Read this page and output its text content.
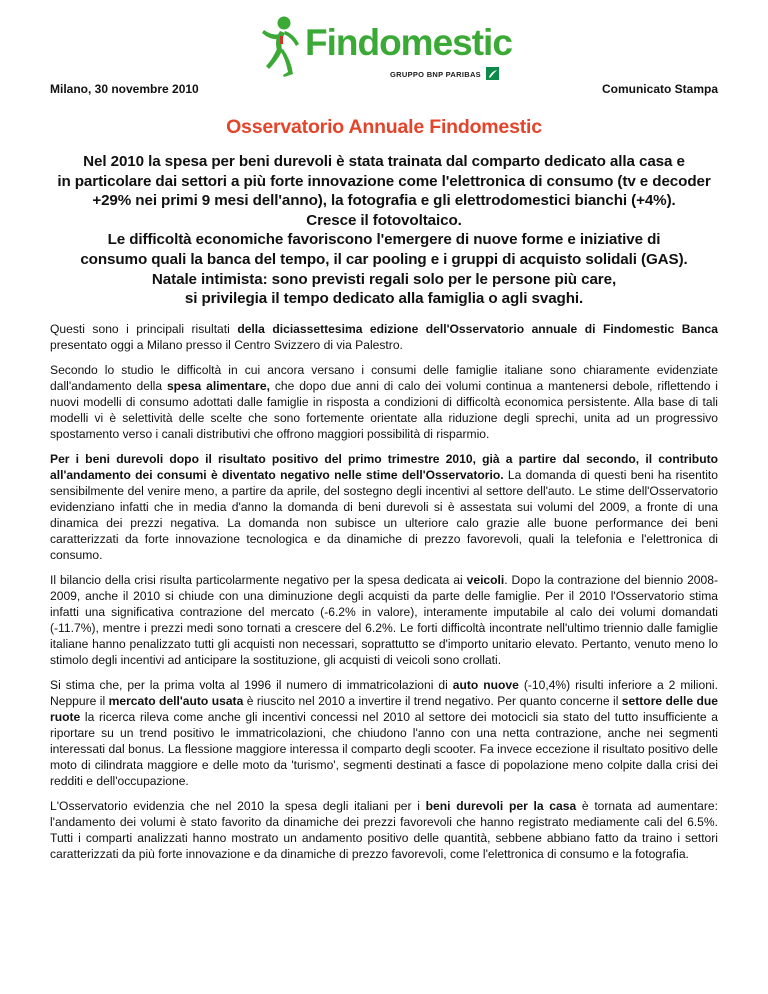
Findomestic
GRUPPO BNP PARIBAS
Milano, 30 novembre 2010	Comunicato Stampa
Osservatorio Annuale Findomestic
Nel 2010 la spesa per beni durevoli è stata trainata dal comparto dedicato alla casa e
in particolare dai settori a più forte innovazione come l'elettronica di consumo (tv e decoder
+29% nei primi 9 mesi dell'anno), la fotografia e gli elettrodomestici bianchi (+4%).
Cresce il fotovoltaico.
Le difficoltà economiche favoriscono l'emergere di nuove forme e iniziative di
consumo quali la banca del tempo, il car pooling e i gruppi di acquisto solidali (GAS).
Natale intimista: sono previsti regali solo per le persone più care,
si privilegia il tempo dedicato alla famiglia o agli svaghi.

Questi sono i principali risultati della diciassettesima edizione dell'Osservatorio annuale di Findomestic Banca presentato oggi a Milano presso il Centro Svizzero di via Palestro.

Secondo lo studio le difficoltà in cui ancora versano i consumi delle famiglie italiane sono chiaramente evidenziate dall'andamento della spesa alimentare, che dopo due anni di calo dei volumi continua a mantenersi debole, riflettendo i nuovi modelli di consumo adottati dalle famiglie in risposta a condizioni di difficoltà economica persistente. Alla base di tali modelli vi è selettività delle scelte che sono fortemente orientate alla riduzione degli sprechi, unita ad un progressivo spostamento verso i canali distributivi che offrono maggiori possibilità di risparmio.

Per i beni durevoli dopo il risultato positivo del primo trimestre 2010, già a partire dal secondo, il contributo all'andamento dei consumi è diventato negativo nelle stime dell'Osservatorio. La domanda di questi beni ha risentito sensibilmente del venire meno, a partire da aprile, del sostegno degli incentivi al settore dell'auto. Le stime dell'Osservatorio evidenziano infatti che in media d'anno la domanda di beni durevoli si è assestata sui volumi del 2009, a fronte di una dinamica dei prezzi negativa. La domanda non subisce un ulteriore calo grazie alle buone performance dei beni caratterizzati da forte innovazione tecnologica e da dinamiche di prezzo favorevoli, quali la telefonia e l'elettronica di consumo.

Il bilancio della crisi risulta particolarmente negativo per la spesa dedicata ai veicoli. Dopo la contrazione del biennio 2008-2009, anche il 2010 si chiude con una diminuzione degli acquisti da parte delle famiglie. Per il 2010 l'Osservatorio stima infatti una significativa contrazione del mercato (-6.2% in valore), interamente imputabile al calo dei volumi domandati (-11.7%), mentre i prezzi medi sono tornati a crescere del 6.2%. Le forti difficoltà incontrate nell'ultimo triennio dalle famiglie italiane hanno penalizzato tutti gli acquisti non necessari, soprattutto se d'importo unitario elevato. Pertanto, venuto meno lo stimolo degli incentivi ad anticipare la sostituzione, gli acquisti di veicoli sono crollati.

Si stima che, per la prima volta al 1996 il numero di immatricolazioni di auto nuove (-10,4%) risulti inferiore a 2 milioni. Neppure il mercato dell'auto usata è riuscito nel 2010 a invertire il trend negativo. Per quanto concerne il settore delle due ruote la ricerca rileva come anche gli incentivi concessi nel 2010 al settore dei motocicli sia stato del tutto insufficiente a riportare su un trend positivo le immatricolazioni, che chiudono l'anno con una netta contrazione, anche nei segmenti interessati dal bonus. La flessione maggiore interessa il comparto degli scooter. Fa invece eccezione il risultato positivo delle moto di cilindrata maggiore e delle moto da 'turismo', segmenti destinati a fasce di popolazione meno colpite dalla crisi dei redditi e dell'occupazione.

L'Osservatorio evidenzia che nel 2010 la spesa degli italiani per i beni durevoli per la casa è tornata ad aumentare: l'andamento dei volumi è stato favorito da dinamiche dei prezzi favorevoli che hanno registrato mediamente cali del 6.5%. Tutti i comparti analizzati hanno mostrato un andamento positivo delle quantità, sebbene abbiano fatto da traino i settori caratterizzati da più forte innovazione e da dinamiche di prezzo favorevoli, come l'elettronica di consumo e la fotografia.
